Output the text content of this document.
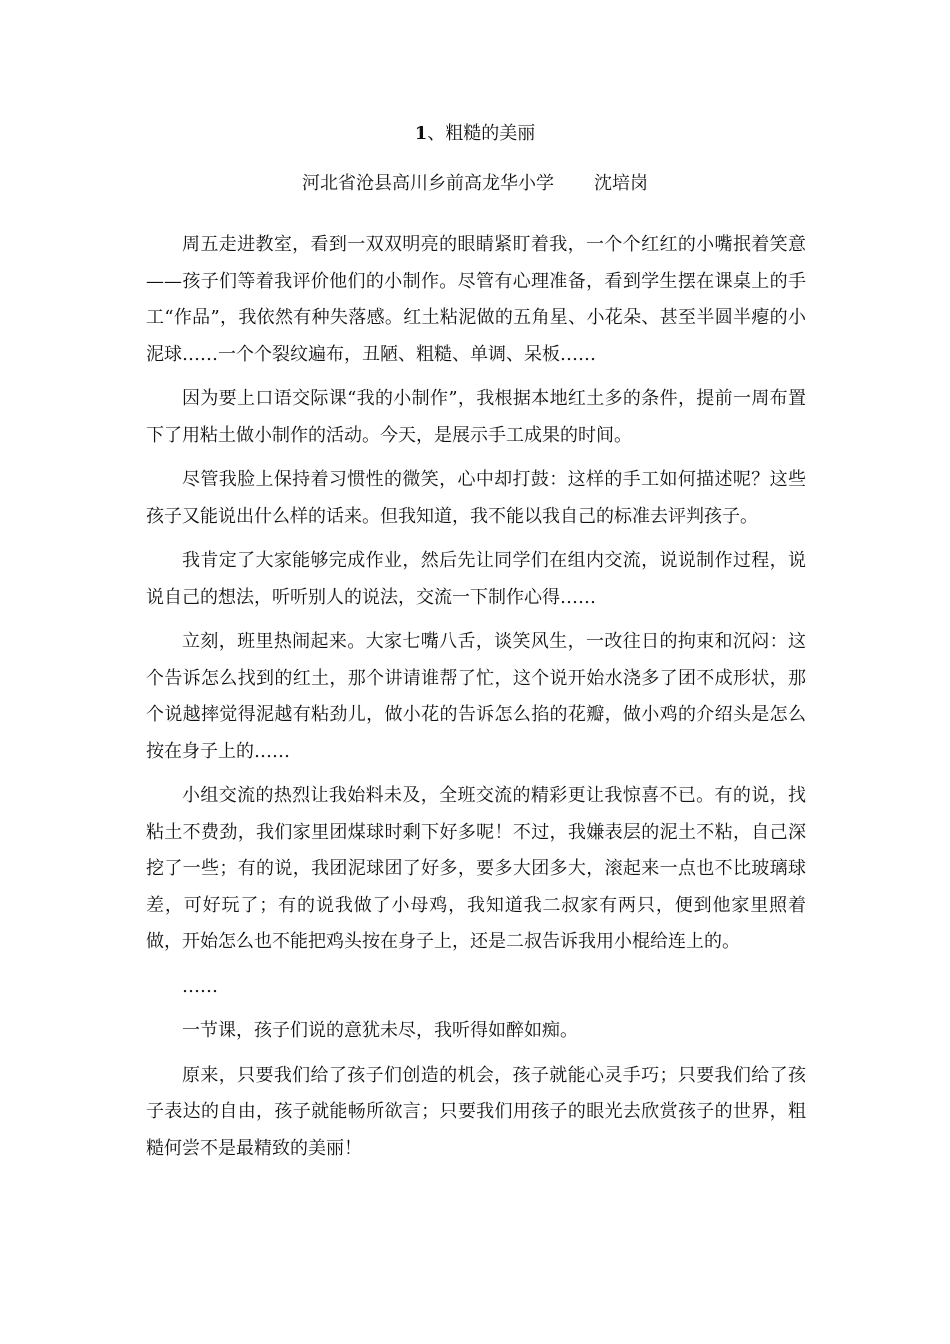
1、粗糙的美丽
河北省沧县高川乡前高龙华小学 沈培岗

周五走进教室，看到一双双明亮的眼睛紧盯着我，一个个红红的小嘴抿着笑意——孩子们等着我评价他们的小制作。尽管有心理准备，看到学生摆在课桌上的手工“作品”，我依然有种失落感。红土粘泥做的五角星、小花朵、甚至半圆半瘪的小泥球……一个个裂纹遍布，丑陋、粗糙、单调、呆板……

因为要上口语交际课“我的小制作”，我根据本地红土多的条件，提前一周布置下了用粘土做小制作的活动。今天，是展示手工成果的时间。

尽管我脸上保持着习惯性的微笑，心中却打鼓：这样的手工如何描述呢？这些孩子又能说出什么样的话来。但我知道，我不能以我自己的标准去评判孩子。

我肯定了大家能够完成作业，然后先让同学们在组内交流，说说制作过程，说说自己的想法，听听别人的说法，交流一下制作心得……

立刻，班里热闹起来。大家七嘴八舌，谈笑风生，一改往日的拘束和沉闷：这个告诉怎么找到的红土，那个讲请谁帮了忙，这个说开始水浇多了团不成形状，那个说越摔觉得泥越有粘劲儿，做小花的告诉怎么掐的花瓣，做小鸡的介绍头是怎么按在身子上的……

小组交流的热烈让我始料未及，全班交流的精彩更让我惊喜不已。有的说，找粘土不费劲，我们家里团煤球时剩下好多呢！不过，我嫌表层的泥土不粘，自己深挖了一些；有的说，我团泥球团了好多，要多大团多大，滚起来一点也不比玻璃球差，可好玩了；有的说我做了小母鸡，我知道我二叔家有两只，便到他家里照着做，开始怎么也不能把鸡头按在身子上，还是二叔告诉我用小棍给连上的。

……

一节课，孩子们说的意犹未尽，我听得如醉如痴。

原来，只要我们给了孩子们创造的机会，孩子就能心灵手巧；只要我们给了孩子表达的自由，孩子就能畅所欲言；只要我们用孩子的眼光去欣赏孩子的世界，粗糙何尝不是最精致的美丽！
